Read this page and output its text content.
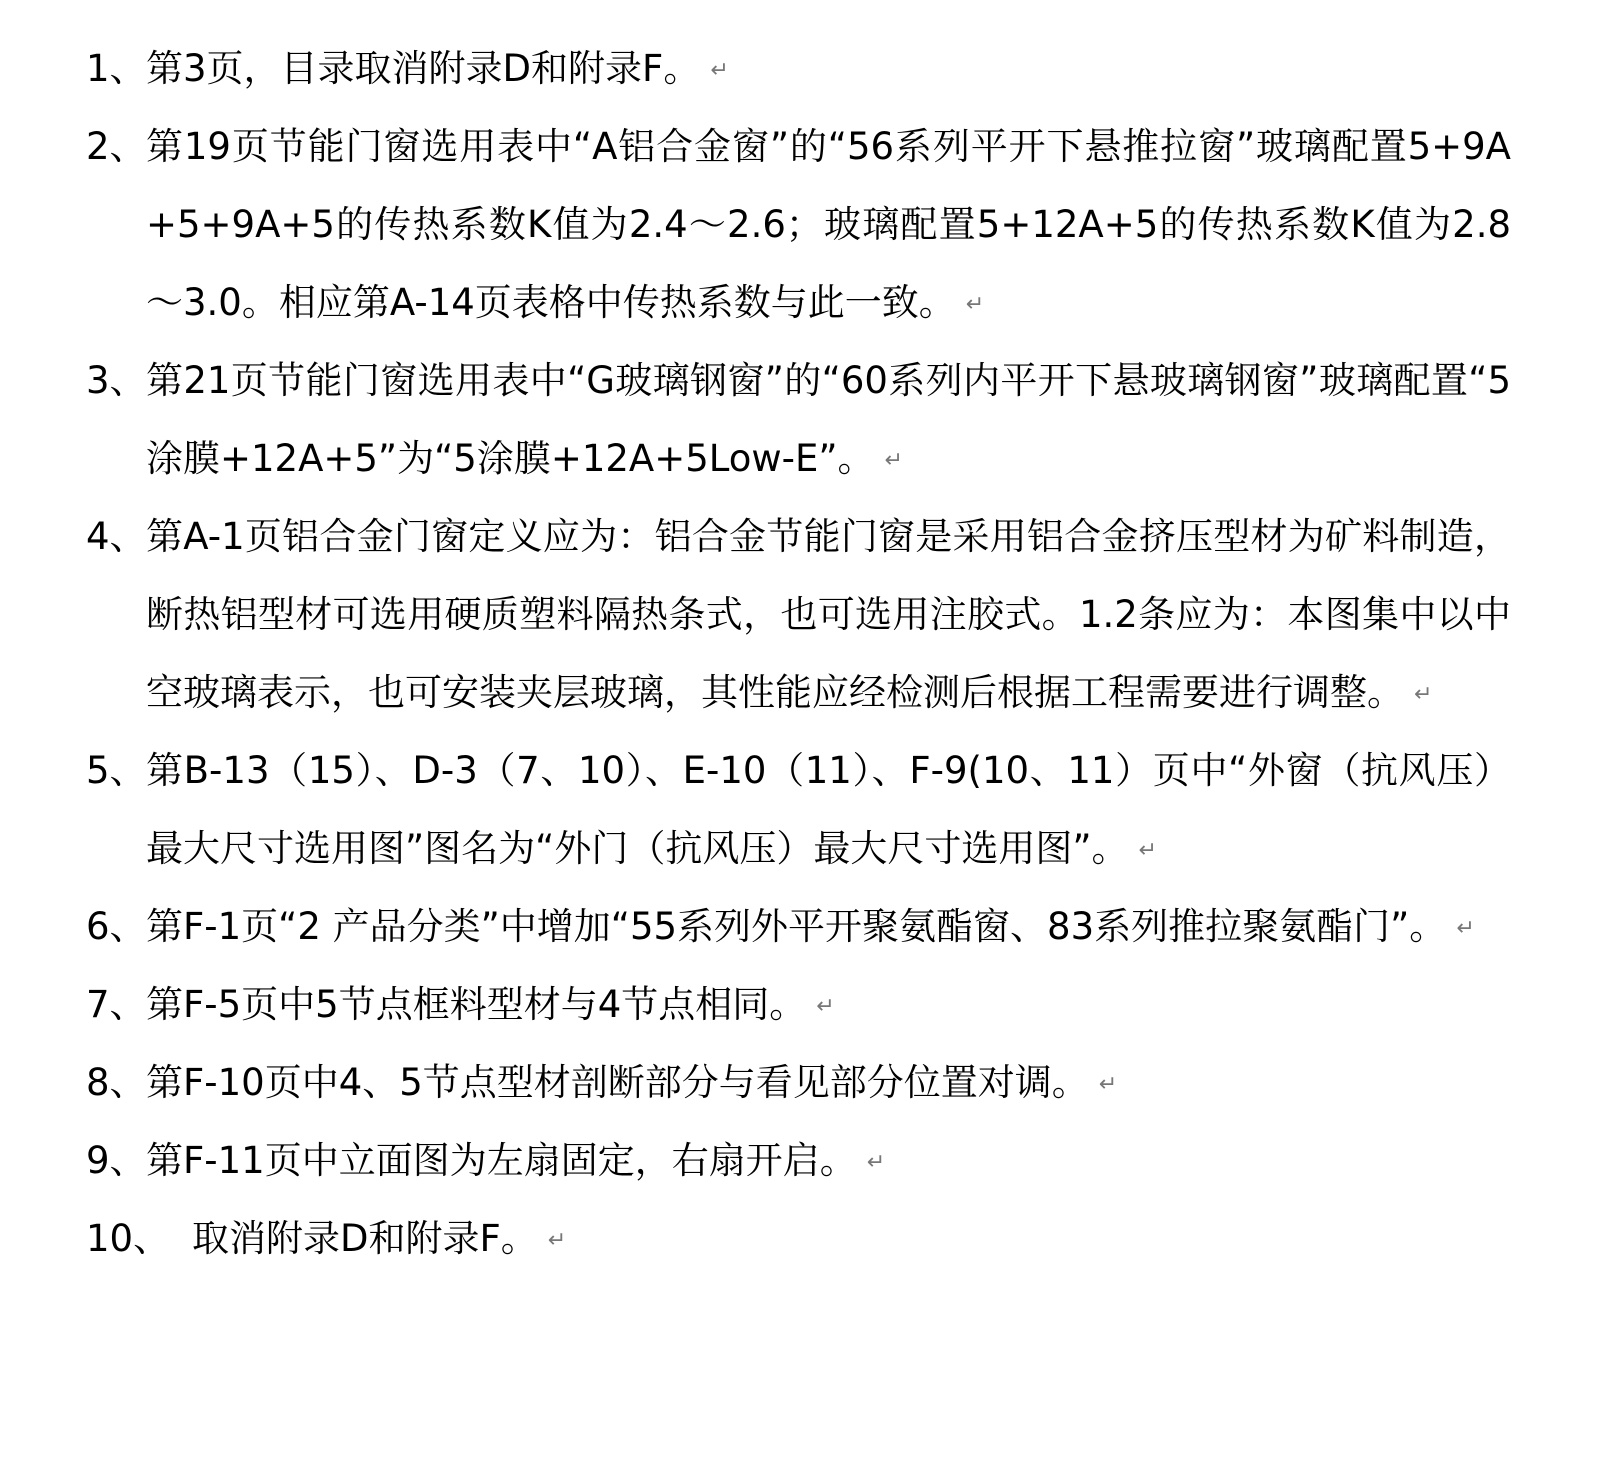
1、 第3页，目录取消附录D和附录F。 ↵
2、 第19页节能门窗选用表中“A铝合金窗”的“56系列平开下悬推拉窗”玻璃配置5+9A+5+9A+5的传热系数K值为2.4～2.6；玻璃配置5+12A+5的传热系数K值为2.8～3.0。相应第A-14页表格中传热系数与此一致。 ↵
3、 第21页节能门窗选用表中“G玻璃钢窗”的“60系列内平开下悬玻璃钢窗”玻璃配置“5涂膜+12A+5”为“5涂膜+12A+5Low-E”。 ↵
4、 第A-1页铝合金门窗定义应为：铝合金节能门窗是采用铝合金挤压型材为矿料制造，断热铝型材可选用硬质塑料隔热条式，也可选用注胶式。1.2条应为：本图集中以中空玻璃表示，也可安装夹层玻璃，其性能应经检测后根据工程需要进行调整。 ↵
5、 第B-13（15）、D-3（7、10）、E-10（11）、F-9(10、11）页中“外窗（抗风压）最大尺寸选用图”图名为“外门（抗风压）最大尺寸选用图”。 ↵
6、 第F-1页“2 产品分类”中增加“55系列外平开聚氨酯窗、83系列推拉聚氨酯门”。 ↵
7、 第F-5页中5节点框料型材与4节点相同。 ↵
8、 第F-10页中4、5节点型材剖断部分与看见部分位置对调。 ↵
9、 第F-11页中立面图为左扇固定，右扇开启。 ↵
10、 取消附录D和附录F。 ↵
